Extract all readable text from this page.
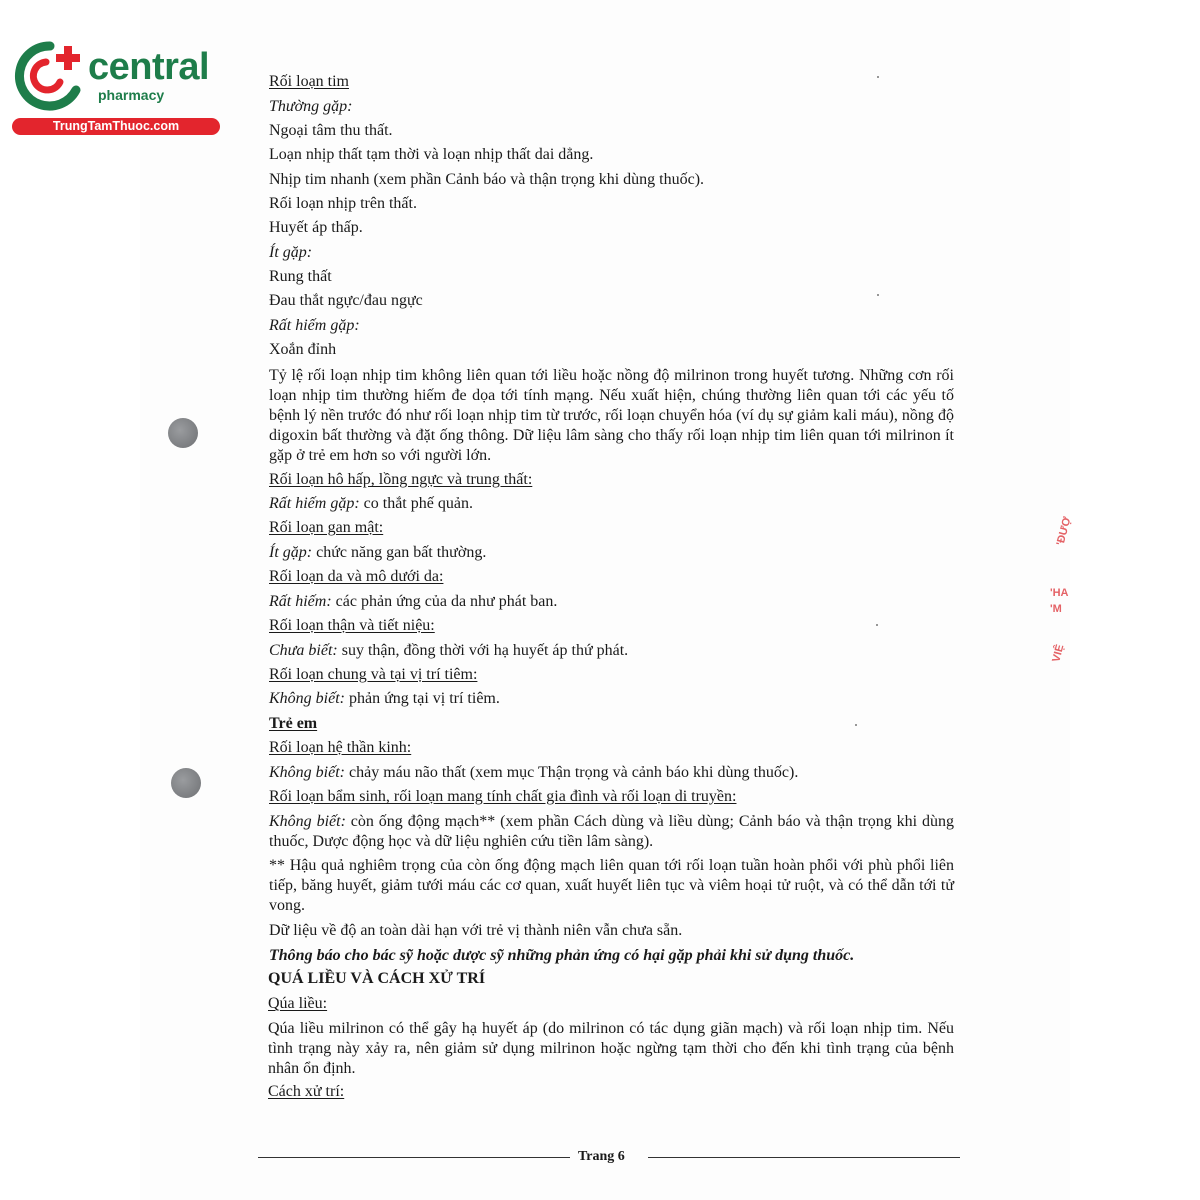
central
pharmacy
TrungTamThuoc.com
'ĐƯỢ
'HA
'M
VIỆ
Rối loạn tim
Thường gặp:
Ngoại tâm thu thất.
Loạn nhịp thất tạm thời và loạn nhịp thất dai dẳng.
Nhịp tim nhanh (xem phần Cảnh báo và thận trọng khi dùng thuốc).
Rối loạn nhịp trên thất.
Huyết áp thấp.
Ít gặp:
Rung thất
Đau thắt ngực/đau ngực
Rất hiếm gặp:
Xoắn đỉnh
Tỷ lệ rối loạn nhịp tim không liên quan tới liều hoặc nồng độ milrinon trong huyết tương. Những cơn rối loạn nhịp tim thường hiếm đe dọa tới tính mạng. Nếu xuất hiện, chúng thường liên quan tới các yếu tố bệnh lý nền trước đó như rối loạn nhịp tim từ trước, rối loạn chuyển hóa (ví dụ sự giảm kali máu), nồng độ digoxin bất thường và đặt ống thông. Dữ liệu lâm sàng cho thấy rối loạn nhịp tim liên quan tới milrinon ít gặp ở trẻ em hơn so với người lớn.
Rối loạn hô hấp, lồng ngực và trung thất:
Rất hiếm gặp: co thắt phế quản.
Rối loạn gan mật:
Ít gặp: chức năng gan bất thường.
Rối loạn da và mô dưới da:
Rất hiếm: các phản ứng của da như phát ban.
Rối loạn thận và tiết niệu:
Chưa biết: suy thận, đồng thời với hạ huyết áp thứ phát.
Rối loạn chung và tại vị trí tiêm:
Không biết: phản ứng tại vị trí tiêm.
Trẻ em
Rối loạn hệ thần kinh:
Không biết: chảy máu não thất (xem mục Thận trọng và cảnh báo khi dùng thuốc).
Rối loạn bẩm sinh, rối loạn mang tính chất gia đình và rối loạn di truyền:
Không biết: còn ống động mạch** (xem phần Cách dùng và liều dùng; Cảnh báo và thận trọng khi dùng thuốc, Dược động học và dữ liệu nghiên cứu tiền lâm sàng).
** Hậu quả nghiêm trọng của còn ống động mạch liên quan tới rối loạn tuần hoàn phổi với phù phổi liên tiếp, băng huyết, giảm tưới máu các cơ quan, xuất huyết liên tục và viêm hoại tử ruột, và có thể dẫn tới tử vong.
Dữ liệu về độ an toàn dài hạn với trẻ vị thành niên vẫn chưa sẵn.
Thông báo cho bác sỹ hoặc dược sỹ những phản ứng có hại gặp phải khi sử dụng thuốc.
QUÁ LIỀU VÀ CÁCH XỬ TRÍ
Qúa liều:
Qúa liều milrinon có thể gây hạ huyết áp (do milrinon có tác dụng giãn mạch) và rối loạn nhịp tim. Nếu tình trạng này xảy ra, nên giảm sử dụng milrinon hoặc ngừng tạm thời cho đến khi tình trạng của bệnh nhân ổn định.
Cách xử trí:
Trang 6
